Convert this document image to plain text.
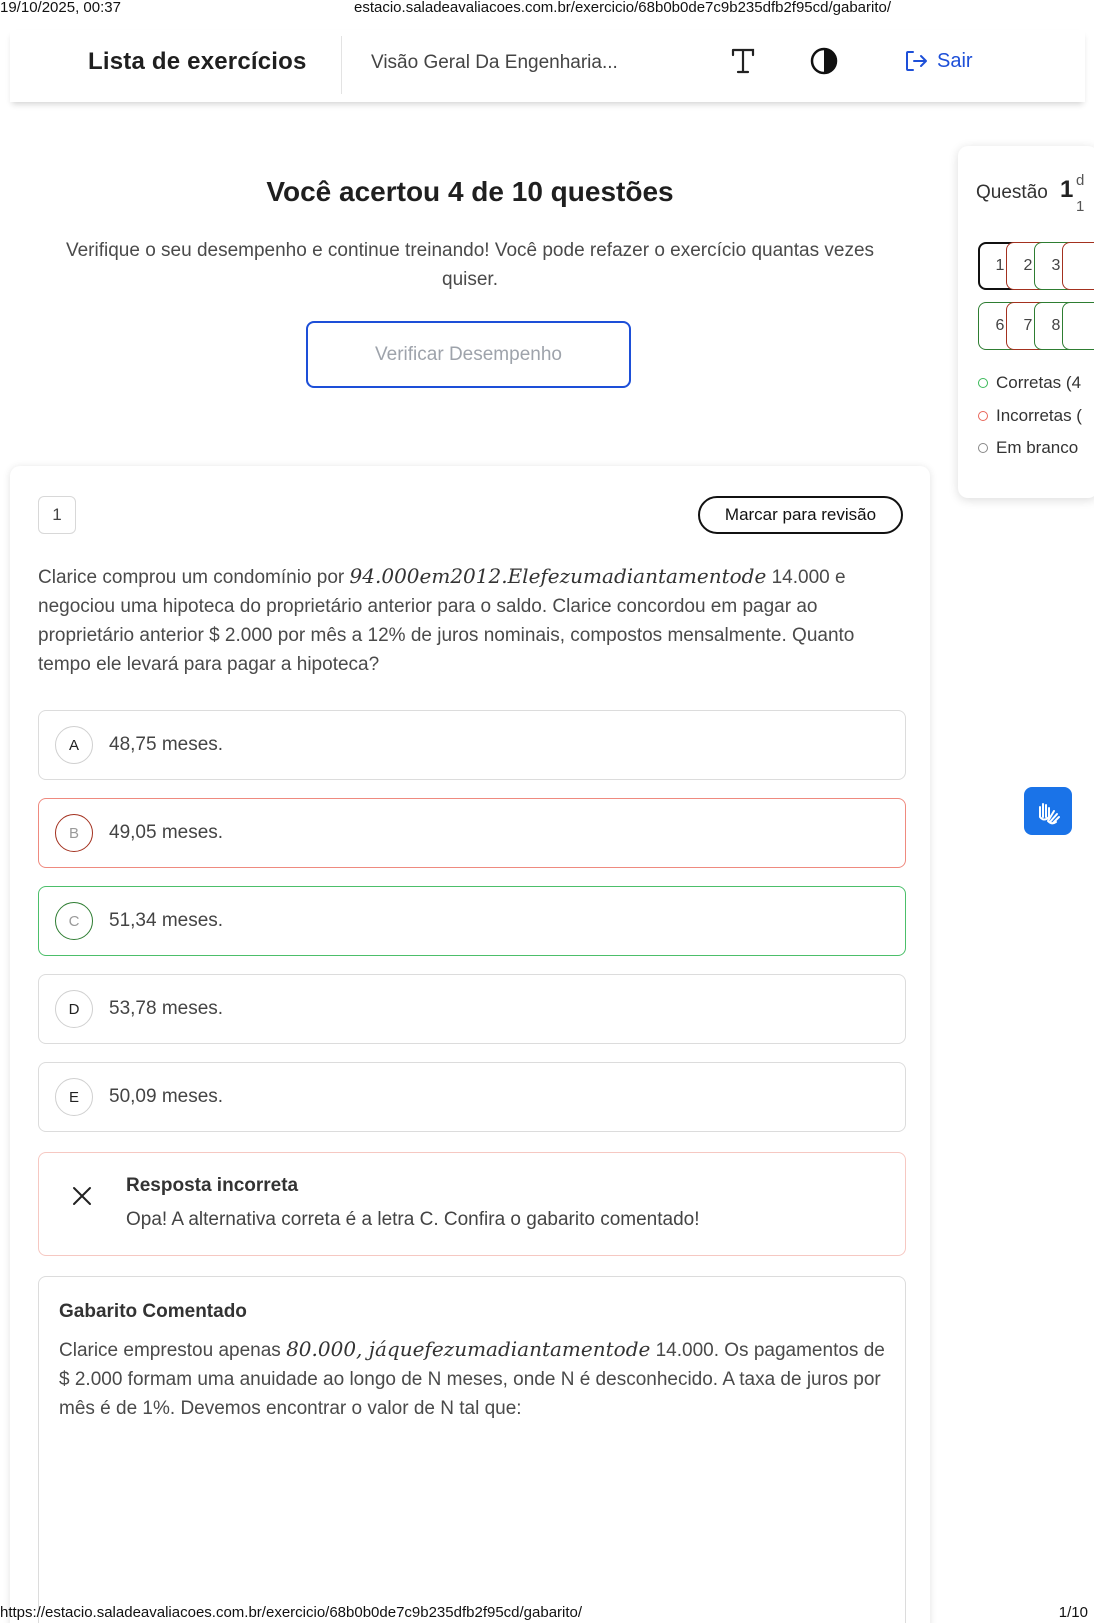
19/10/2025, 00:37	estacio.saladeavaliacoes.com.br/exercicio/68b0b0de7c9b235dfb2f95cd/gabarito/
Lista de exercícios	Visão Geral Da Engenharia...	Sair
Você acertou 4 de 10 questões
Verifique o seu desempenho e continue treinando! Você pode refazer o exercício quantas vezes quiser.
Verificar Desempenho
Questão 1 d
1
1	2	3
6	7	8
Corretas (4
Incorretas (
Em branco
1	Marcar para revisão
Clarice comprou um condomínio por 94.000em2012.Elefezumadiantamentode 14.000 e negociou uma hipoteca do proprietário anterior para o saldo. Clarice concordou em pagar ao proprietário anterior $ 2.000 por mês a 12% de juros nominais, compostos mensalmente. Quanto tempo ele levará para pagar a hipoteca?
A	48,75 meses.
B	49,05 meses.
C	51,34 meses.
D	53,78 meses.
E	50,09 meses.
Resposta incorreta
Opa! A alternativa correta é a letra C. Confira o gabarito comentado!
Gabarito Comentado
Clarice emprestou apenas 80.000, jáquefezumadiantamentode 14.000. Os pagamentos de $ 2.000 formam uma anuidade ao longo de N meses, onde N é desconhecido. A taxa de juros por mês é de 1%. Devemos encontrar o valor de N tal que:
https://estacio.saladeavaliacoes.com.br/exercicio/68b0b0de7c9b235dfb2f95cd/gabarito/	1/10
